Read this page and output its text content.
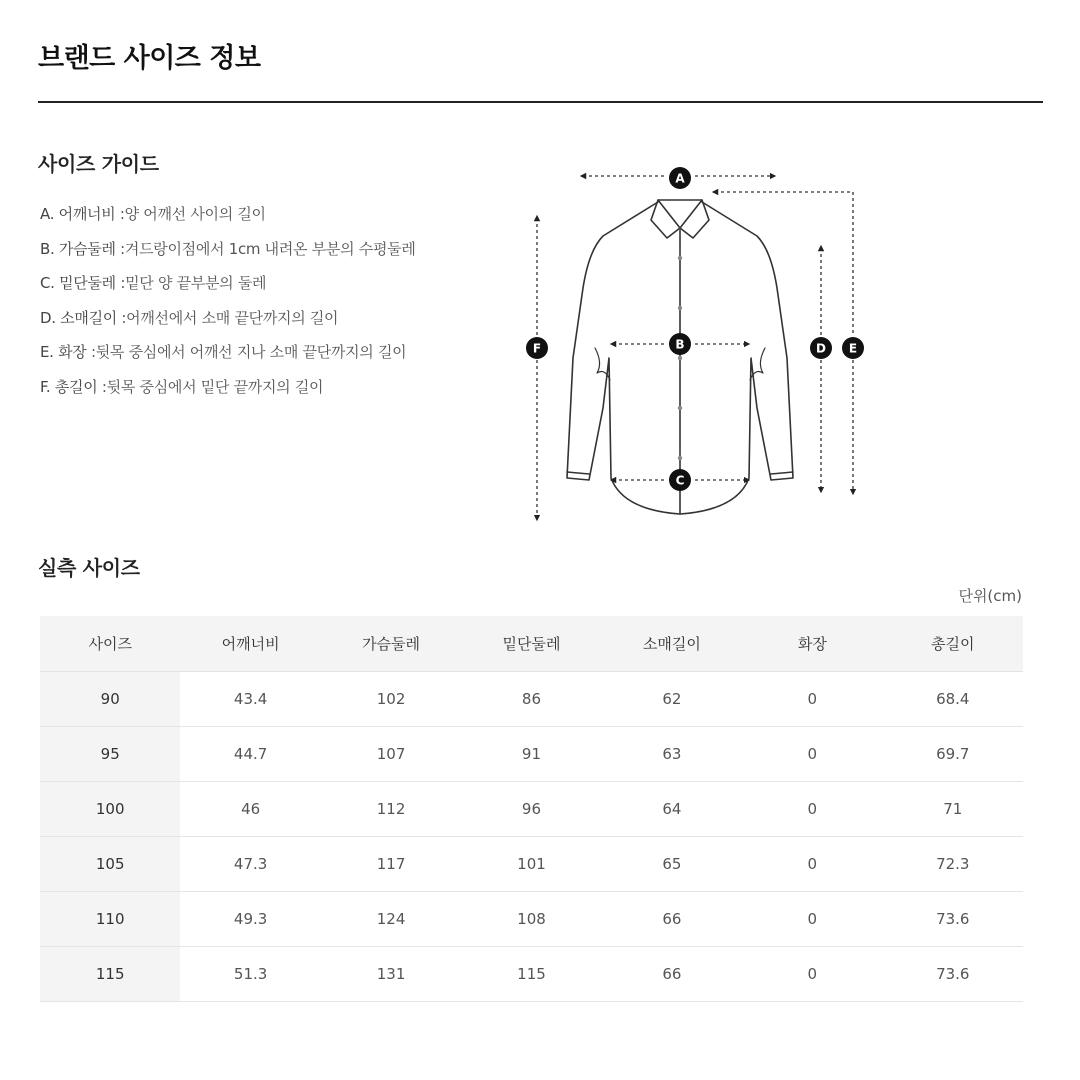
브랜드 사이즈 정보
사이즈 가이드
A. 어깨너비 :양 어깨선 사이의 길이
B. 가슴둘레 :겨드랑이점에서 1cm 내려온 부분의 수평둘레
C. 밑단둘레 :밑단 양 끝부분의 둘레
D. 소매길이 :어깨선에서 소매 끝단까지의 길이
E. 화장 :뒷목 중심에서 어깨선 지나 소매 끝단까지의 길이
F. 총길이 :뒷목 중심에서 밑단 끝까지의 길이
A
B
C
D E
F
실측 사이즈
단위(cm)
사이즈	어깨너비	가슴둘레	밑단둘레	소매길이	화장	총길이
90	43.4	102	86	62	0	68.4
95	44.7	107	91	63	0	69.7
100	46	112	96	64	0	71
105	47.3	117	101	65	0	72.3
110	49.3	124	108	66	0	73.6
115	51.3	131	115	66	0	73.6
